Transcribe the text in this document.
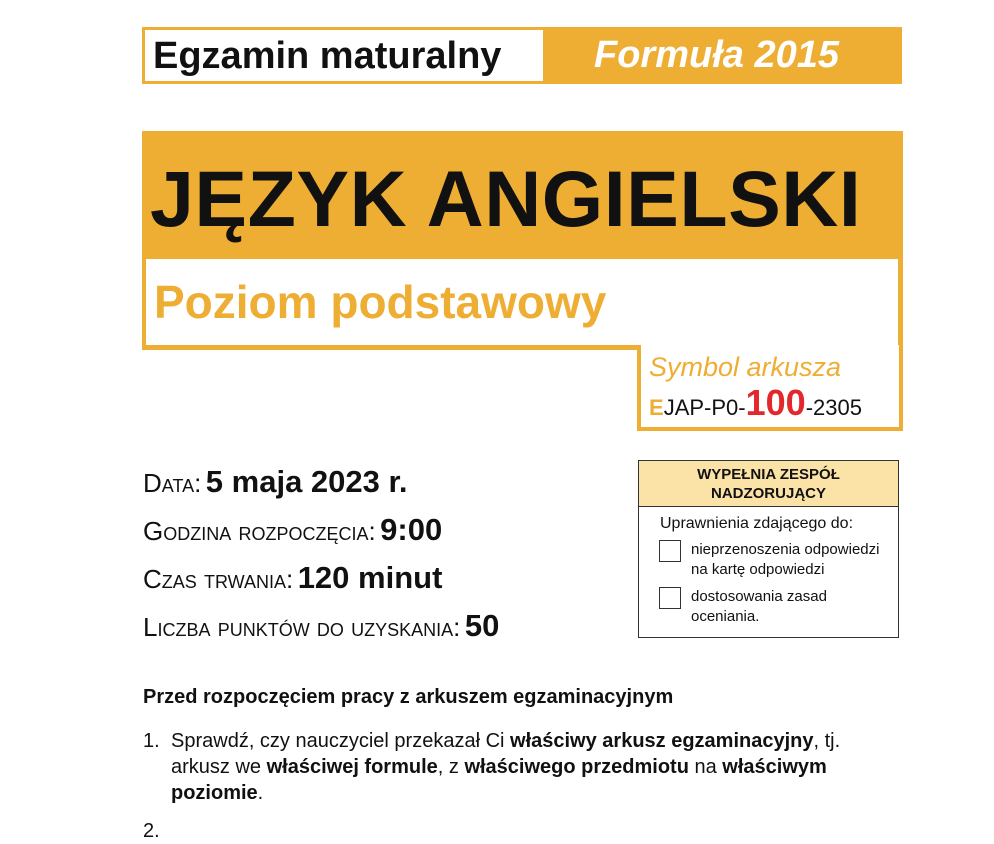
Egzamin maturalny Formuła 2015
JĘZYK ANGIELSKI
Poziom podstawowy
Symbol arkusza
EJAP-P0-100-2305
Data: 5 maja 2023 r.
Godzina rozpoczęcia: 9:00
Czas trwania: 120 minut
Liczba punktów do uzyskania: 50
WYPEŁNIA ZESPÓŁ NADZORUJĄCY
Uprawnienia zdającego do:
nieprzenoszenia odpowiedzi na kartę odpowiedzi
dostosowania zasad oceniania.
Przed rozpoczęciem pracy z arkuszem egzaminacyjnym
1. Sprawdź, czy nauczyciel przekazał Ci właściwy arkusz egzaminacyjny, tj. arkusz we właściwej formule, z właściwego przedmiotu na właściwym poziomie.
2.
